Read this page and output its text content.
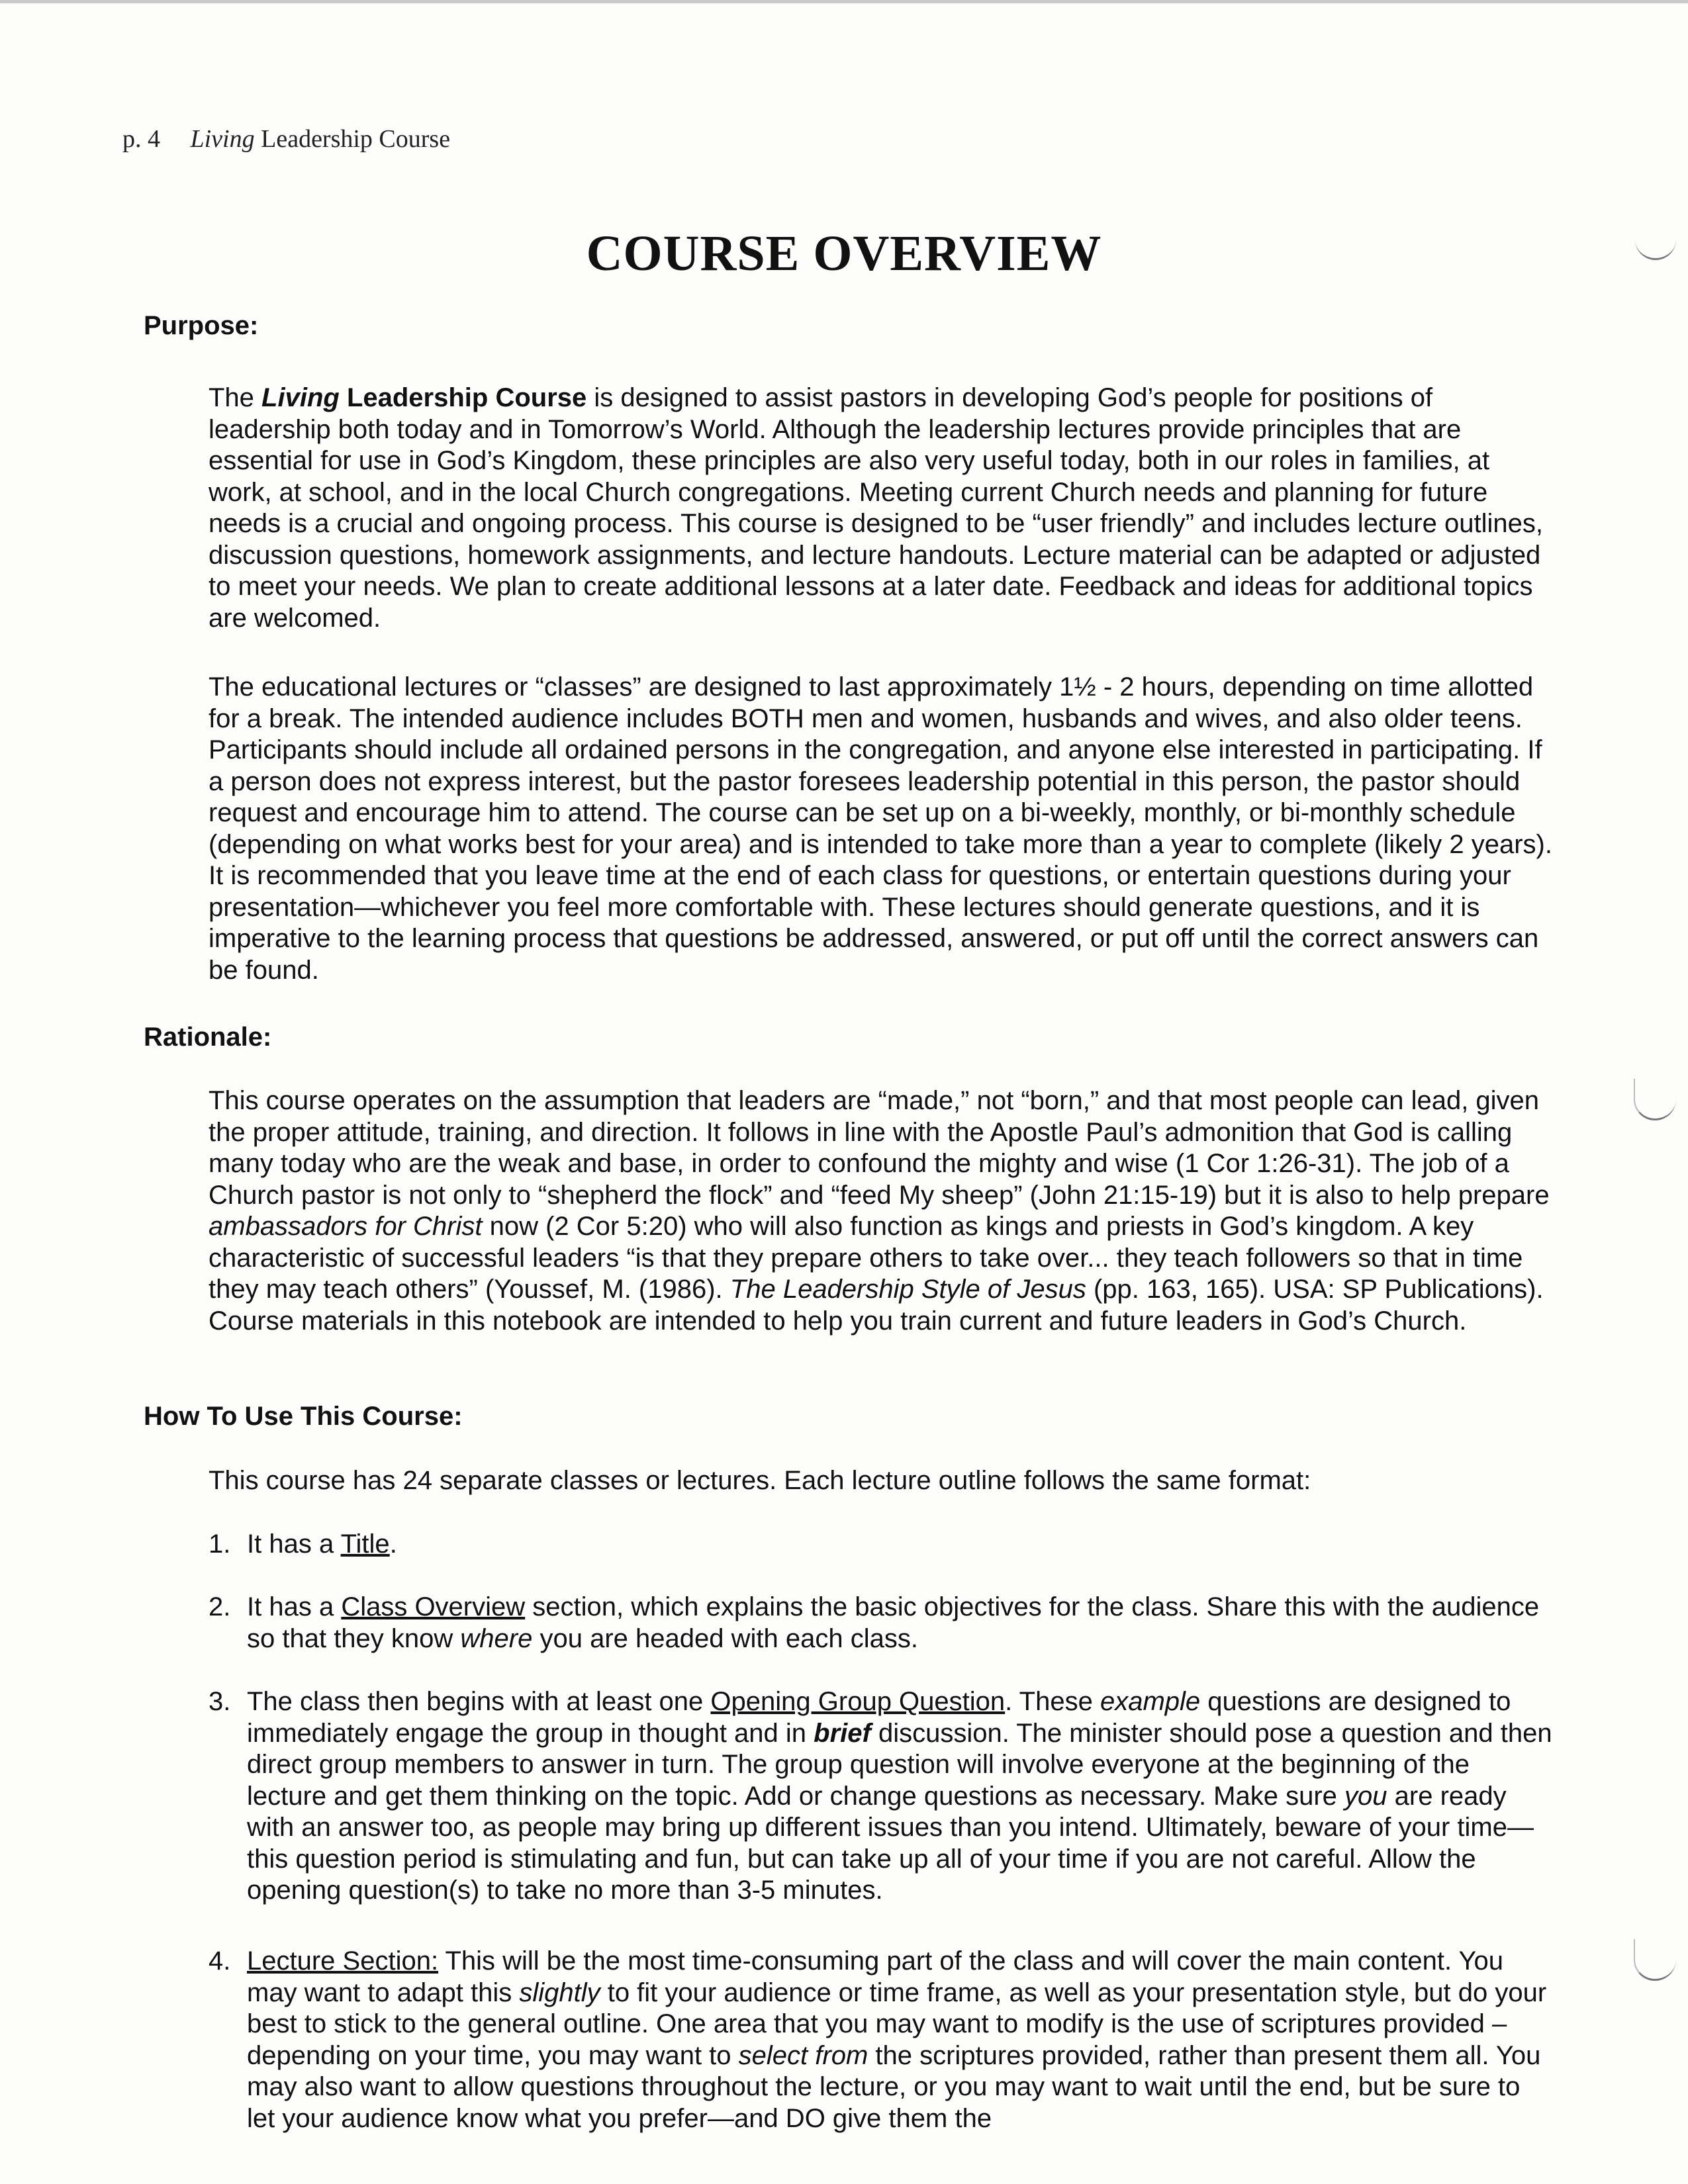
p. 4 Living Leadership Course
COURSE OVERVIEW
Purpose:

The Living Leadership Course is designed to assist pastors in developing God’s people for positions of leadership both today and in Tomorrow’s World. Although the leadership lectures provide principles that are essential for use in God’s Kingdom, these principles are also very useful today, both in our roles in families, at work, at school, and in the local Church congregations. Meeting current Church needs and planning for future needs is a crucial and ongoing process. This course is designed to be “user friendly” and includes lecture outlines, discussion questions, homework assignments, and lecture handouts. Lecture material can be adapted or adjusted to meet your needs. We plan to create additional lessons at a later date. Feedback and ideas for additional topics are welcomed.

The educational lectures or “classes” are designed to last approximately 1½ - 2 hours, depending on time allotted for a break. The intended audience includes BOTH men and women, husbands and wives, and also older teens. Participants should include all ordained persons in the congregation, and anyone else interested in participating. If a person does not express interest, but the pastor foresees leadership potential in this person, the pastor should request and encourage him to attend. The course can be set up on a bi-weekly, monthly, or bi-monthly schedule (depending on what works best for your area) and is intended to take more than a year to complete (likely 2 years). It is recommended that you leave time at the end of each class for questions, or entertain questions during your presentation—whichever you feel more comfortable with. These lectures should generate questions, and it is imperative to the learning process that questions be addressed, answered, or put off until the correct answers can be found.

Rationale:

This course operates on the assumption that leaders are “made,” not “born,” and that most people can lead, given the proper attitude, training, and direction. It follows in line with the Apostle Paul’s admonition that God is calling many today who are the weak and base, in order to confound the mighty and wise (1 Cor 1:26-31). The job of a Church pastor is not only to “shepherd the flock” and “feed My sheep” (John 21:15-19) but it is also to help prepare ambassadors for Christ now (2 Cor 5:20) who will also function as kings and priests in God’s kingdom. A key characteristic of successful leaders “is that they prepare others to take over... they teach followers so that in time they may teach others” (Youssef, M. (1986). The Leadership Style of Jesus (pp. 163, 165). USA: SP Publications). Course materials in this notebook are intended to help you train current and future leaders in God’s Church.

How To Use This Course:

This course has 24 separate classes or lectures. Each lecture outline follows the same format:

1. It has a Title.
2. It has a Class Overview section, which explains the basic objectives for the class. Share this with the audience so that they know where you are headed with each class.
3. The class then begins with at least one Opening Group Question. These example questions are designed to immediately engage the group in thought and in brief discussion. The minister should pose a question and then direct group members to answer in turn. The group question will involve everyone at the beginning of the lecture and get them thinking on the topic. Add or change questions as necessary. Make sure you are ready with an answer too, as people may bring up different issues than you intend. Ultimately, beware of your time—this question period is stimulating and fun, but can take up all of your time if you are not careful. Allow the opening question(s) to take no more than 3-5 minutes.
4. Lecture Section: This will be the most time-consuming part of the class and will cover the main content. You may want to adapt this slightly to fit your audience or time frame, as well as your presentation style, but do your best to stick to the general outline. One area that you may want to modify is the use of scriptures provided – depending on your time, you may want to select from the scriptures provided, rather than present them all. You may also want to allow questions throughout the lecture, or you may want to wait until the end, but be sure to let your audience know what you prefer—and DO give them the
